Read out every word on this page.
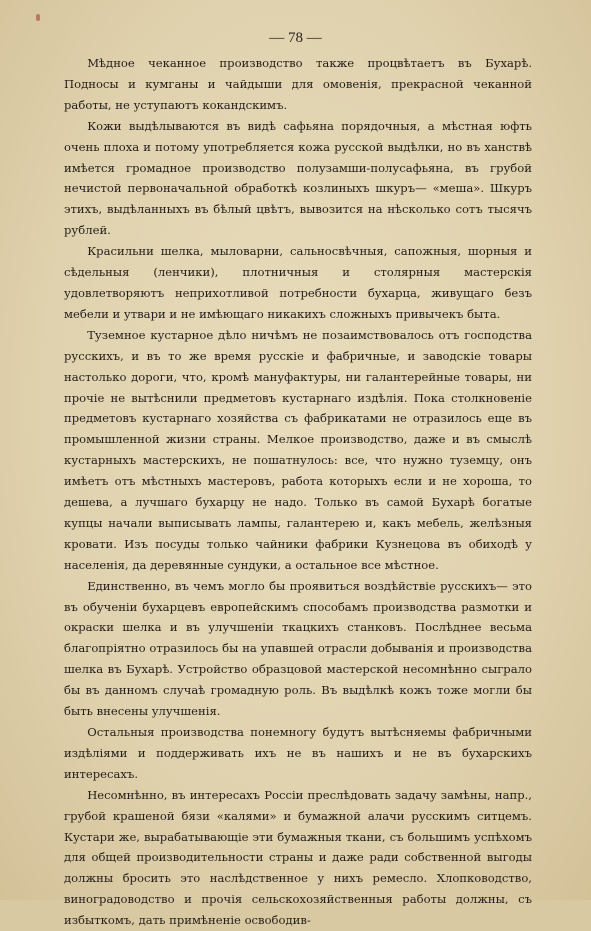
— 78 —

Мѣдное чеканное производство также процвѣтаетъ въ Бухарѣ. Подносы и кумганы и чайдыши для омовенія, прекрасной чеканной работы, не уступаютъ кокандскимъ.

Кожи выдѣлываются въ видѣ сафьяна порядочныя, а мѣстная юфть очень плоха и потому употребляется кожа русской выдѣлки, но въ ханствѣ имѣется громадное производство полузамши-полусафьяна, въ грубой нечистой первоначальной обработкѣ козлиныхъ шкуръ— «меша». Шкуръ этихъ, выдѣланныхъ въ бѣлый цвѣтъ, вывозится на нѣсколько сотъ тысячъ рублей.

Красильни шелка, мыловарни, сальносвѣчныя, сапожныя, шорныя и сѣдельныя (ленчики), плотничныя и столярныя мастерскія удовлетворяютъ неприхотливой потребности бухарца, живущаго безъ мебели и утвари и не имѣющаго никакихъ сложныхъ привычекъ быта.

Туземное кустарное дѣло ничѣмъ не позаимствовалось отъ господства русскихъ, и въ то же время русскіе и фабричные, и заводскіе товары настолько дороги, что, кромѣ мануфактуры, ни галантерейные товары, ни прочіе не вытѣснили предметовъ кустарнаго издѣлія. Пока столкновеніе предметовъ кустарнаго хозяйства съ фабрикатами не отразилось еще въ промышленной жизни страны. Мелкое производство, даже и въ смыслѣ кустарныхъ мастерскихъ, не пошатнулось: все, что нужно туземцу, онъ имѣетъ отъ мѣстныхъ мастеровъ, работа которыхъ если и не хороша, то дешева, а лучшаго бухарцу не надо. Только въ самой Бухарѣ богатые купцы начали выписывать лампы, галантерею и, какъ мебель, желѣзныя кровати. Изъ посуды только чайники фабрики Кузнецова въ обиходѣ у населенія, да деревянные сундуки, а остальное все мѣстное.

Единственно, въ чемъ могло бы проявиться воздѣйствіе русскихъ— это въ обученіи бухарцевъ европейскимъ способамъ производства размотки и окраски шелка и въ улучшеніи ткацкихъ станковъ. Послѣднее весьма благопріятно отразилось бы на упавшей отрасли добыванія и производства шелка въ Бухарѣ. Устройство образцовой мастерской несомнѣнно сыграло бы въ данномъ случаѣ громадную роль. Въ выдѣлкѣ кожъ тоже могли бы быть внесены улучшенія.

Остальныя производства понемногу будутъ вытѣсняемы фабричными издѣліями и поддерживать ихъ не въ нашихъ и не въ бухарскихъ интересахъ.

Несомнѣнно, въ интересахъ Россіи преслѣдовать задачу замѣны, напр., грубой крашеной бязи «калями» и бумажной алачи русскимъ ситцемъ. Кустари же, вырабатывающіе эти бумажныя ткани, съ большимъ успѣхомъ для общей производительности страны и даже ради собственной выгоды должны бросить это наслѣдственное у нихъ ремесло. Хлопководство, виноградоводство и прочія сельскохозяйственныя работы должны, съ избыткомъ, дать примѣненіе освободив-
